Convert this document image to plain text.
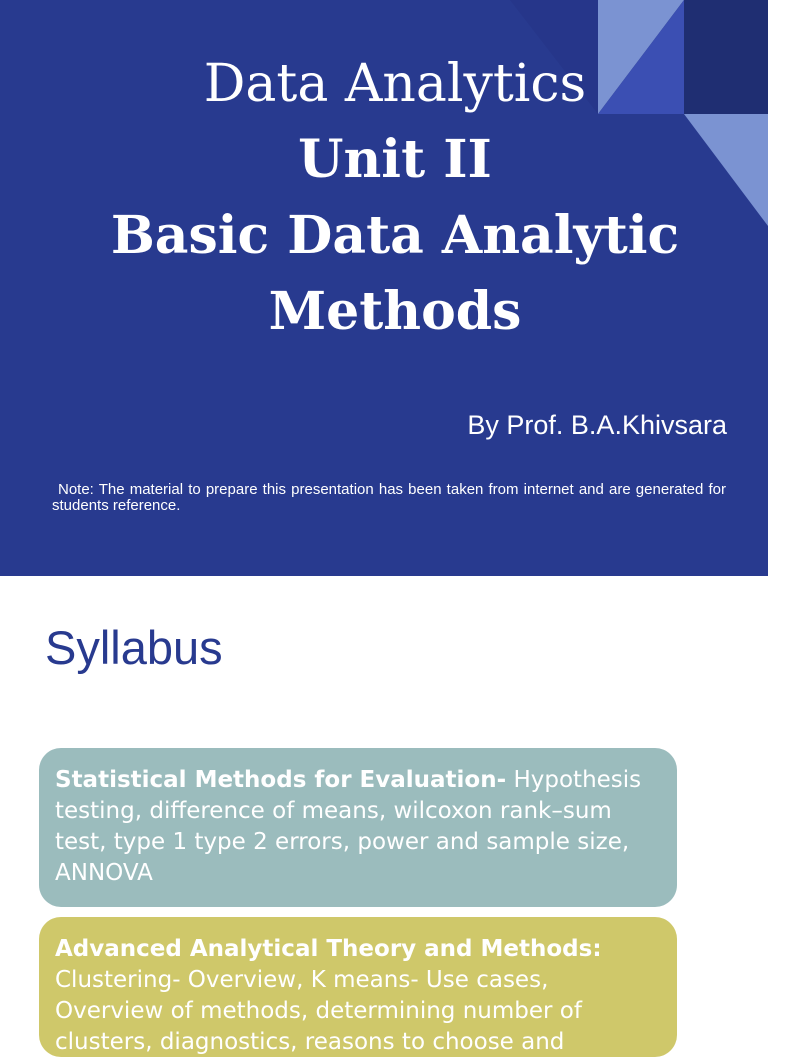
Data Analytics
Unit II
Basic Data Analytic
Methods
By Prof. B.A.Khivsara
Note: The material to prepare this presentation has been taken from internet and are generated for students reference.
Syllabus
Statistical Methods for Evaluation- Hypothesis testing, difference of means, wilcoxon rank–sum test, type 1 type 2 errors, power and sample size, ANNOVA
Advanced Analytical Theory and Methods: Clustering- Overview, K means- Use cases, Overview of methods, determining number of clusters, diagnostics, reasons to choose and
